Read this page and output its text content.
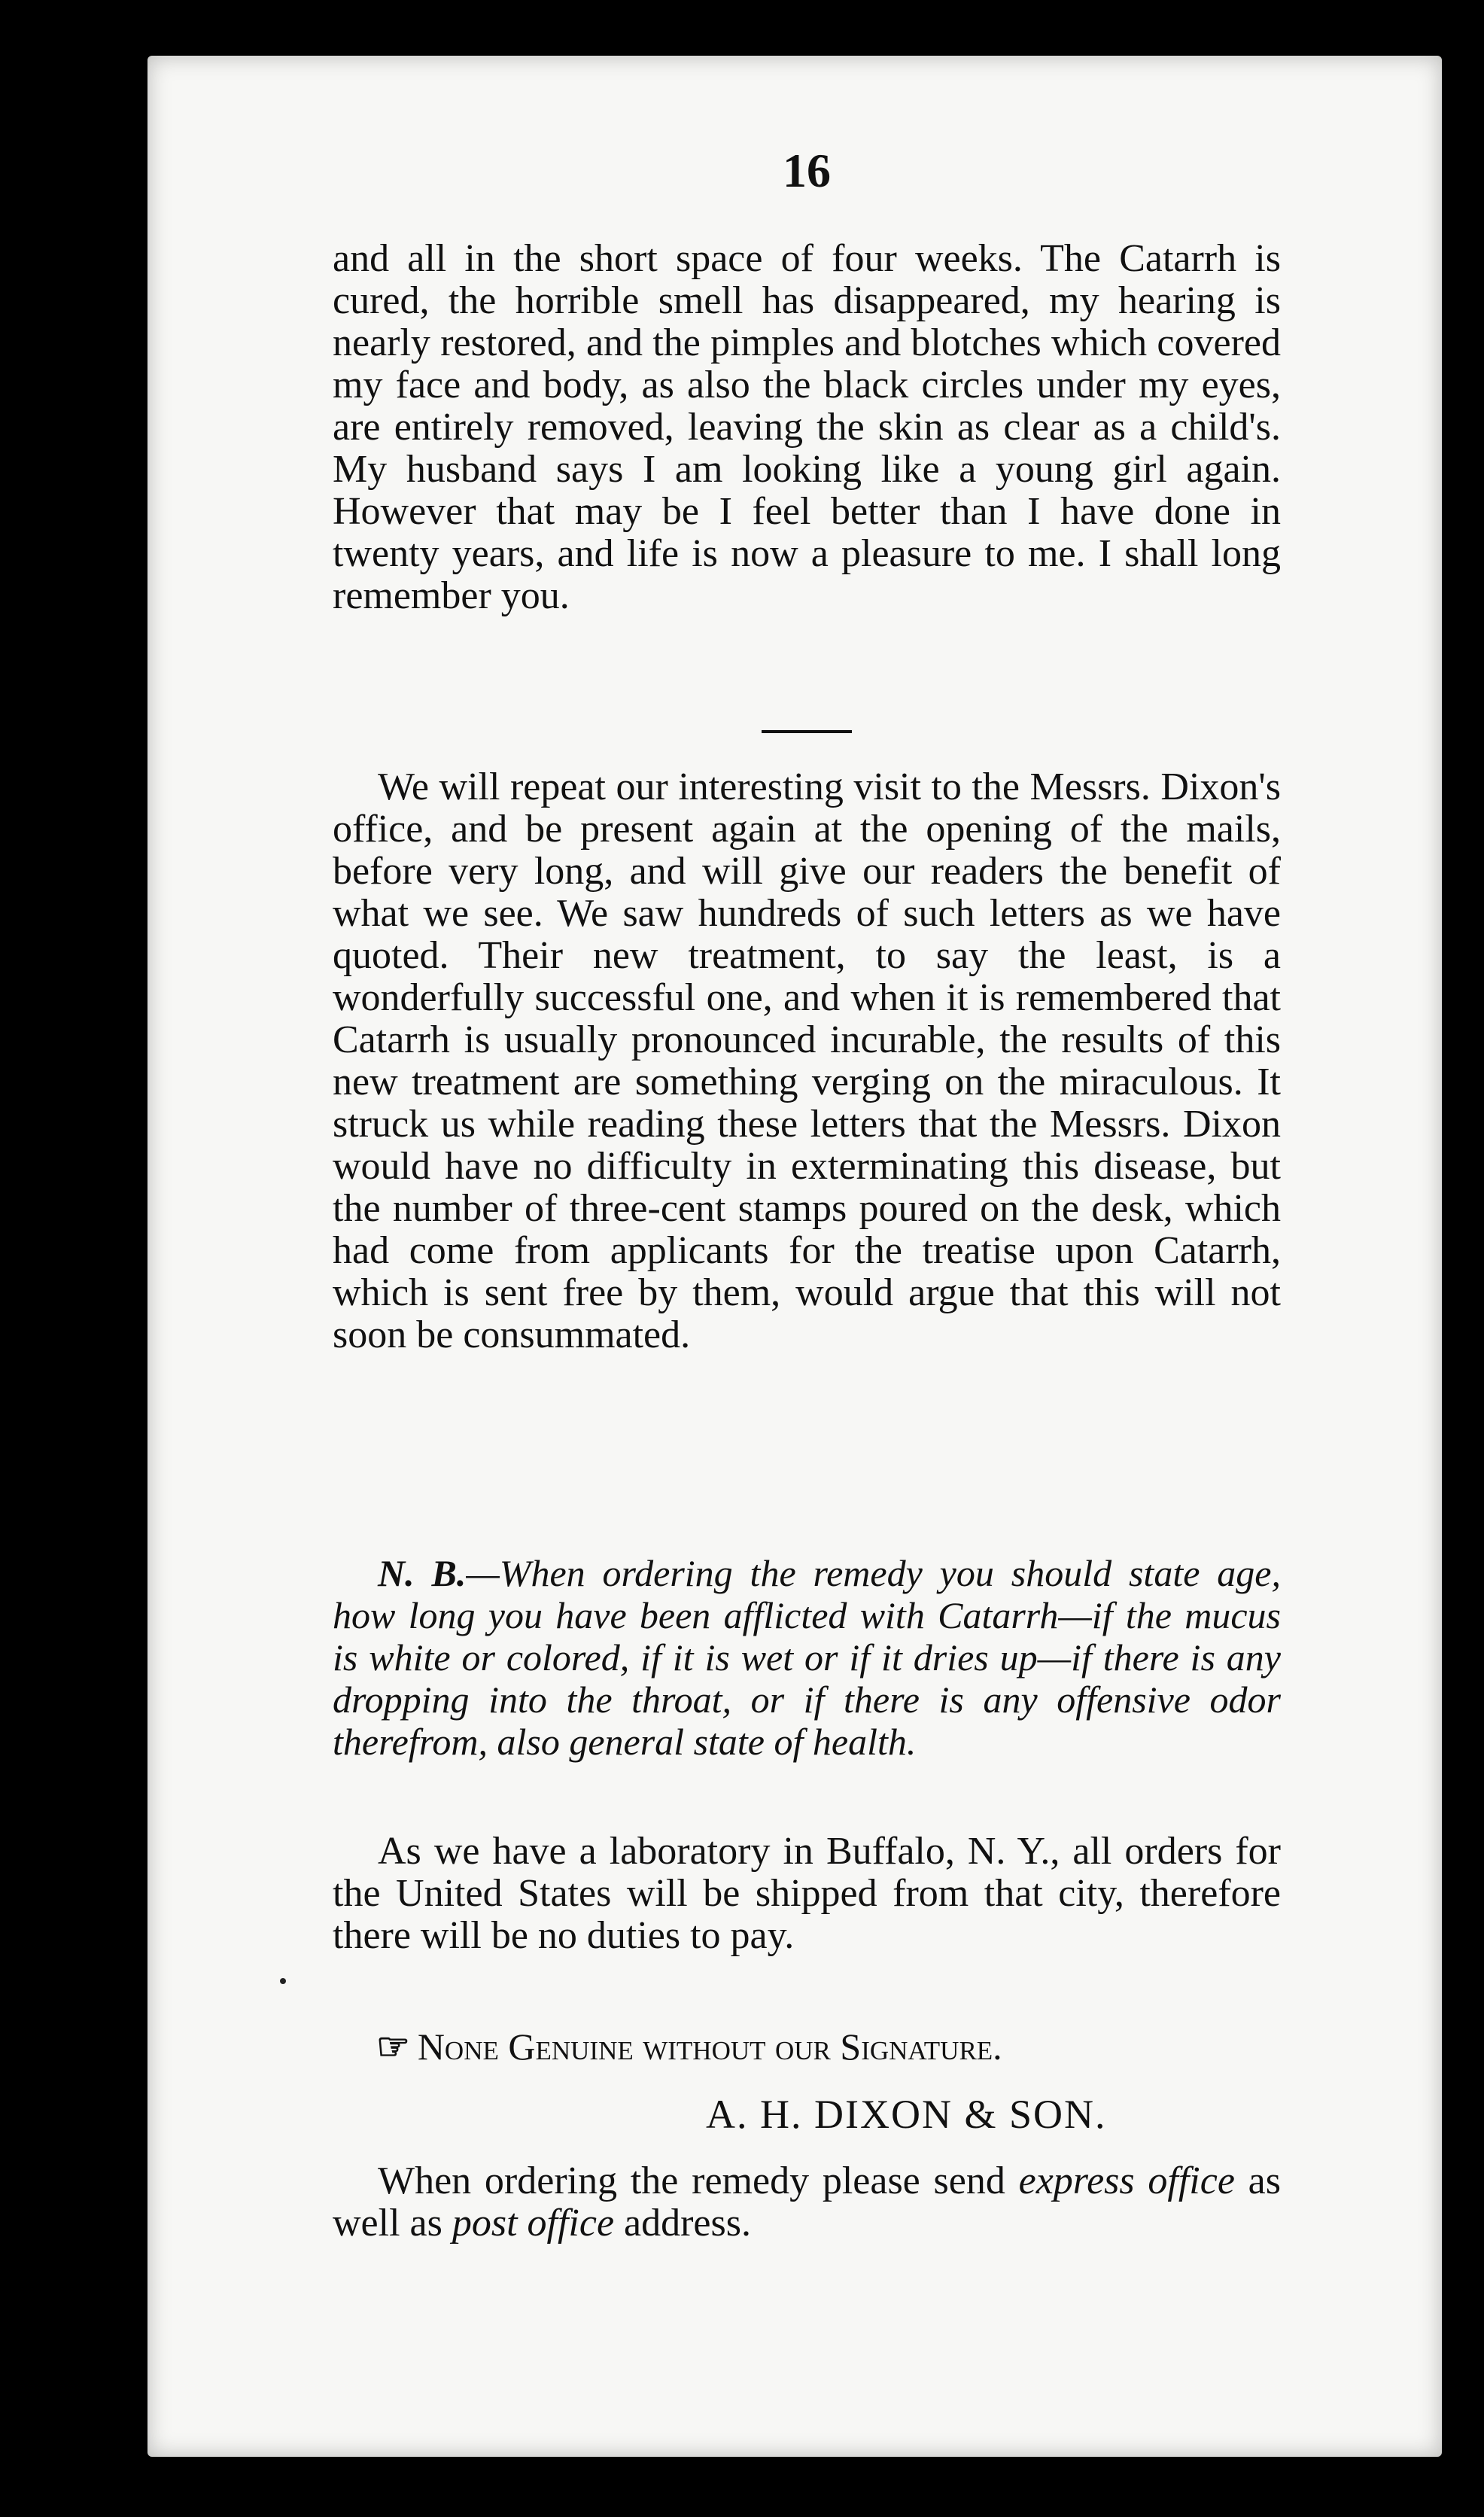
16
and all in the short space of four weeks. The Catarrh is cured, the horrible smell has disappeared, my hearing is nearly restored, and the pimples and blotches which covered my face and body, as also the black circles under my eyes, are entirely removed, leaving the skin as clear as a child's. My husband says I am looking like a young girl again. However that may be I feel better than I have done in twenty years, and life is now a pleasure to me. I shall long remember you.
We will repeat our interesting visit to the Messrs. Dixon's office, and be present again at the opening of the mails, before very long, and will give our readers the benefit of what we see. We saw hundreds of such letters as we have quoted. Their new treatment, to say the least, is a wonderfully successful one, and when it is remembered that Catarrh is usually pronounced incurable, the results of this new treatment are something verging on the miraculous. It struck us while reading these letters that the Messrs. Dixon would have no difficulty in exterminating this disease, but the number of three-cent stamps poured on the desk, which had come from applicants for the treatise upon Catarrh, which is sent free by them, would argue that this will not soon be consummated.
N. B.—When ordering the remedy you should state age, how long you have been afflicted with Catarrh—if the mucus is white or colored, if it is wet or if it dries up—if there is any dropping into the throat, or if there is any offensive odor therefrom, also general state of health.
As we have a laboratory in Buffalo, N. Y., all orders for the United States will be shipped from that city, therefore there will be no duties to pay.
☞ None Genuine without our Signature.
A. H. DIXON & SON.
When ordering the remedy please send express office as well as post office address.
